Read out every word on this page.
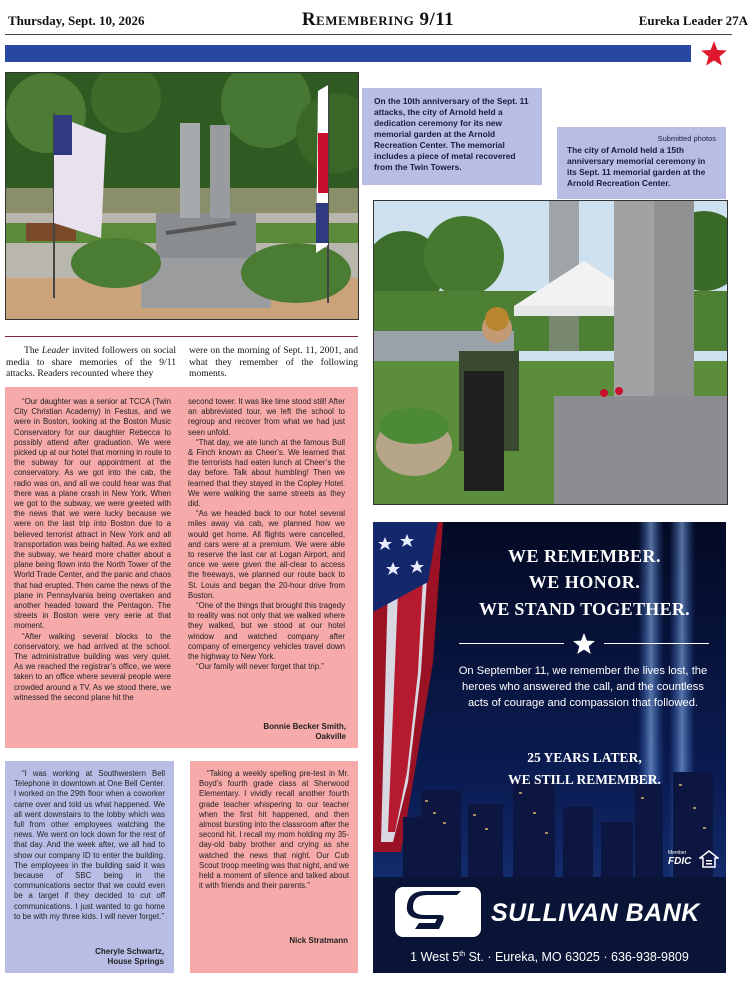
Thursday, Sept. 10, 2026	Remembering 9/11	Eureka Leader 27A
On the 10th anniversary of the Sept. 11 attacks, the city of Arnold held a dedication ceremony for its new memorial garden at the Arnold Recreation Center. The memorial includes a piece of metal recovered from the Twin Towers.
Submitted photos
The city of Arnold held a 15th anniversary memorial ceremony in its Sept. 11 memorial garden at the Arnold Recreation Center.
The Leader invited followers on social media to share memories of the 9/11 attacks. Readers recounted where they
were on the morning of Sept. 11, 2001, and what they remember of the following moments.

“Our daughter was a senior at TCCA (Twin City Christian Academy) in Festus, and we were in Boston, looking at the Boston Music Conservatory for our daughter Rebecca to possibly attend after graduation. We were picked up at our hotel that morning in route to the subway for our appointment at the conservatory. As we got into the cab, the radio was on, and all we could hear was that there was a plane crash in New York. When we got to the subway, we were greeted with the news that we were lucky because we were on the last trip into Boston due to a believed terrorist attract in New York and all transportation was being halted. As we exited the subway, we heard more chatter about a plane being flown into the North Tower of the World Trade Center, and the panic and chaos that had erupted. Then came the news of the plane in Pennsylvania being overtaken and another headed toward the Pentagon. The streets in Boston were very eerie at that moment.

“After walking several blocks to the conservatory, we had arrived at the school. The administrative building was very quiet. As we reached the registrar’s office, we were taken to an office where several people were crowded around a TV. As we stood there, we witnessed the second plane hit the

second tower. It was like time stood still! After an abbreviated tour, we left the school to regroup and recover from what we had just seen unfold.

“That day, we ate lunch at the famous Bull & Finch known as Cheer’s. We learned that the terrorists had eaten lunch at Cheer’s the day before. Talk about humbling! Then we learned that they stayed in the Copley Hotel. We were walking the same streets as they did.

“As we headed back to our hotel several miles away via cab, we planned how we would get home. All flights were cancelled, and cars were at a premium. We were able to reserve the last car at Logan Airport, and once we were given the all-clear to access the freeways, we planned our route back to St. Louis and began the 20-hour drive from Boston.

“One of the things that brought this tragedy to reality was not only that we walked where they walked, but we stood at our hotel window and watched company after company of emergency vehicles travel down the highway to New York.

“Our family will never forget that trip.”

Bonnie Becker Smith,
Oakville

“I was working at Southwestern Bell Telephone in downtown at One Bell Center. I worked on the 29th floor when a coworker came over and told us what happened. We all went downstairs to the lobby which was full from other employees watching the news. We went on lock down for the rest of that day. And the week after, we all had to show our company ID to enter the building. The employees in the building said it was because of SBC being in the communications sector that we could even be a target if they decided to cut off communications. I just wanted to go home to be with my three kids. I will never forget.”

Cheryle Schwartz,
House Springs

“Taking a weekly spelling pre-test in Mr. Boyd’s fourth grade class at Sherwood Elementary. I vividly recall another fourth grade teacher whispering to our teacher when the first hit happened, and then almost bursting into the classroom after the second hit. I recall my mom holding my 35-day-old baby brother and crying as she watched the news that night. Our Cub Scout troop meeting was that night, and we held a moment of silence and talked about it with friends and their parents.”

Nick Stratmann
WE REMEMBER.
WE HONOR.
WE STAND TOGETHER.
On September 11, we remember the lives lost, the heroes who answered the call, and the countless acts of courage and compassion that followed.
25 YEARS LATER,
WE STILL REMEMBER.
Member
FDIC
SULLIVAN BANK
1 West 5th St. · Eureka, MO 63025 · 636-938-9809
